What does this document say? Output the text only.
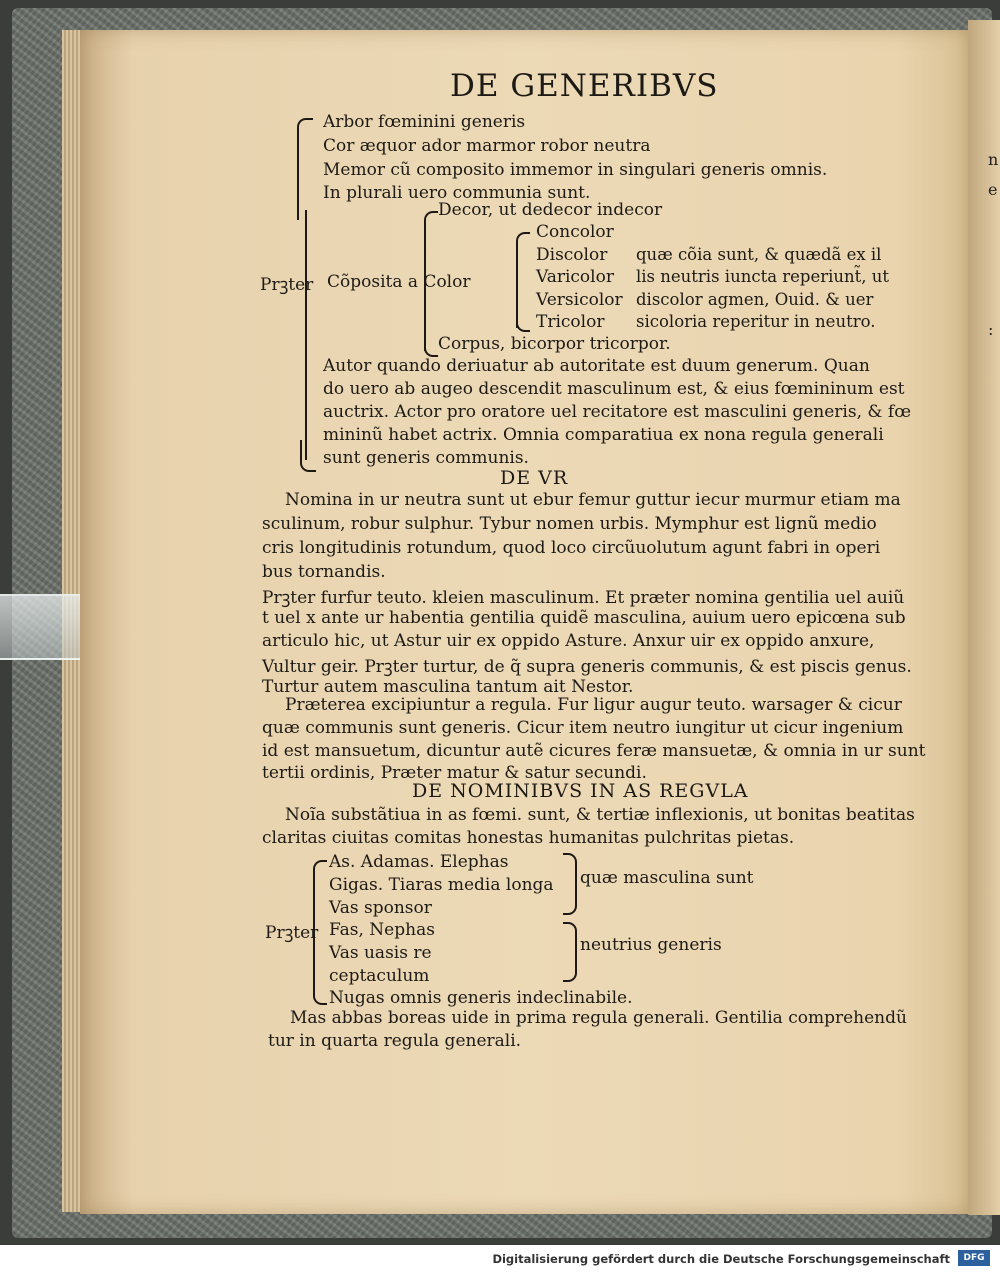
n
e
:
DE GENERIBVS
Arbor fœminini generis
Cor æquor ador marmor robor neutra
Memor cũ composito immemor in singulari generis omnis.
In plurali uero communia sunt.
Prꝫter Cõposita a Color
Decor, ut dedecor indecor
Concolor
Discolor
Varicolor
Versicolor
Tricolor
quæ cõia sunt, & quædã ex il
lis neutris iuncta reperiunt̃, ut
discolor agmen, Ouid. & uer
sicoloria reperitur in neutro.
Corpus, bicorpor tricorpor.
Autor quando deriuatur ab autoritate est duum generum. Quan
do uero ab augeo descendit masculinum est, & eius fœmininum est
auctrix. Actor pro oratore uel recitatore est masculini generis, & fœ
mininũ habet actrix. Omnia comparatiua ex nona regula generali
sunt generis communis.
DE VR
Nomina in ur neutra sunt ut ebur femur guttur iecur murmur etiam ma
sculinum, robur sulphur. Tybur nomen urbis. Mymphur est lignũ medio
cris longitudinis rotundum, quod loco circũuolutum agunt fabri in operi
bus tornandis.
Prꝫter furfur teuto. kleien masculinum. Et præter nomina gentilia uel auiũ
t uel x ante ur habentia gentilia quidẽ masculina, auium uero epicœna sub
articulo hic, ut Astur uir ex oppido Asture. Anxur uir ex oppido anxure,
Vultur geir. Prꝫter turtur, de q̃ supra generis communis, & est piscis genus.
Turtur autem masculina tantum ait Nestor.
Præterea excipiuntur a regula. Fur ligur augur teuto. warsager & cicur
quæ communis sunt generis. Cicur item neutro iungitur ut cicur ingenium
id est mansuetum, dicuntur autẽ cicures feræ mansuetæ, & omnia in ur sunt
tertii ordinis, Præter matur & satur secundi.
DE NOMINIBVS IN AS REGVLA
Noĩa substãtiua in as fœmi. sunt, & tertiæ inflexionis, ut bonitas beatitas
claritas ciuitas comitas honestas humanitas pulchritas pietas.
Prꝫter
As. Adamas. Elephas
Gigas. Tiaras media longa
Vas sponsor
Fas, Nephas
Vas uasis re
ceptaculum
Nugas omnis generis indeclinabile.
quæ masculina sunt
neutrius generis
Mas abbas boreas uide in prima regula generali. Gentilia comprehendũ
tur in quarta regula generali.
Digitalisierung gefördert durch die Deutsche Forschungsgemeinschaft	DFG
